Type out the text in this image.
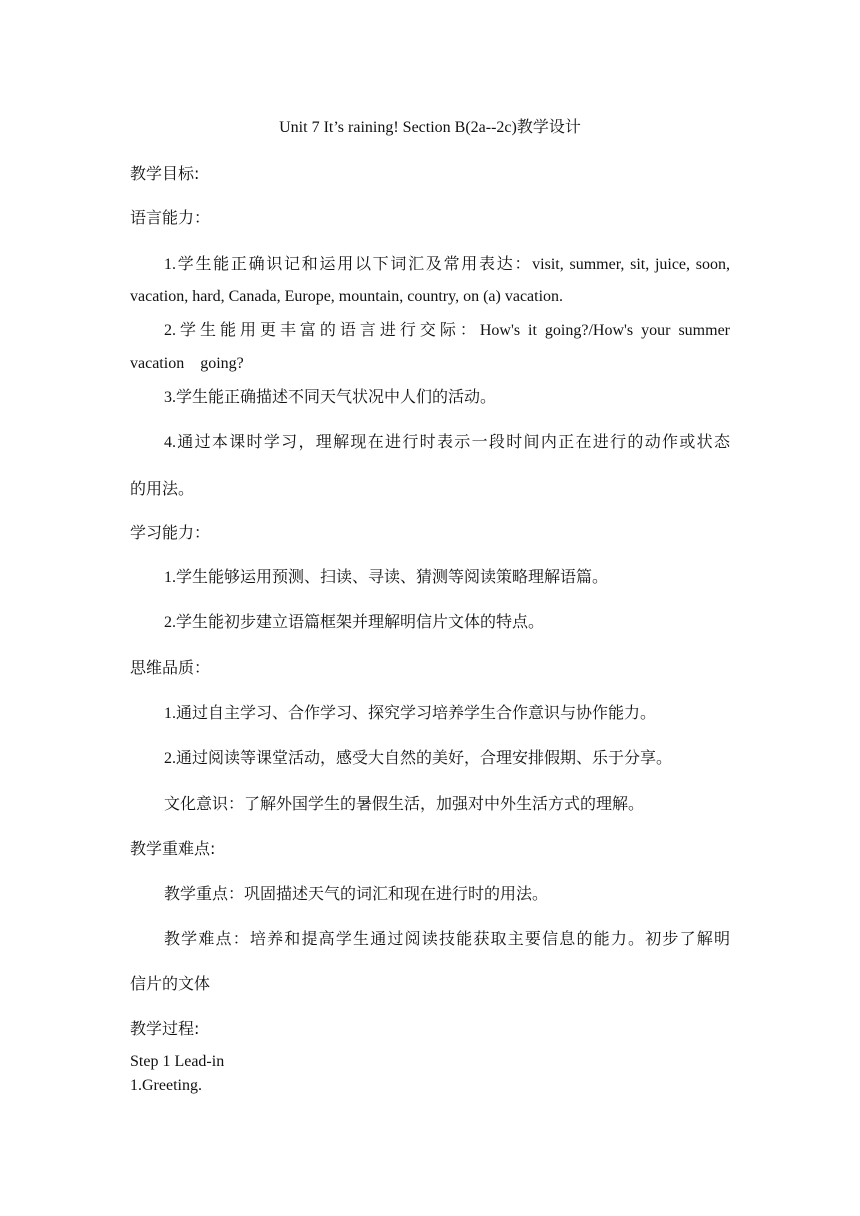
Unit 7 It’s raining! Section B(2a--2c)教学设计
教学目标:
语言能力：
1.学生能正确识记和运用以下词汇及常用表达：visit, summer, sit, juice, soon,
vacation, hard, Canada, Europe, mountain, country, on (a) vacation.
2.学生能用更丰富的语言进行交际：How's it going?/How's your summer
vacation    going?
3.学生能正确描述不同天气状况中人们的活动。
4.通过本课时学习，理解现在进行时表示一段时间内正在进行的动作或状态
的用法。
学习能力：
1.学生能够运用预测、扫读、寻读、猜测等阅读策略理解语篇。
2.学生能初步建立语篇框架并理解明信片文体的特点。
思维品质：
1.通过自主学习、合作学习、探究学习培养学生合作意识与协作能力。
2.通过阅读等课堂活动，感受大自然的美好，合理安排假期、乐于分享。
文化意识：了解外国学生的暑假生活，加强对中外生活方式的理解。
教学重难点:
教学重点：巩固描述天气的词汇和现在进行时的用法。
教学难点：培养和提高学生通过阅读技能获取主要信息的能力。初步了解明
信片的文体
教学过程:
Step 1 Lead-in
1.Greeting.
